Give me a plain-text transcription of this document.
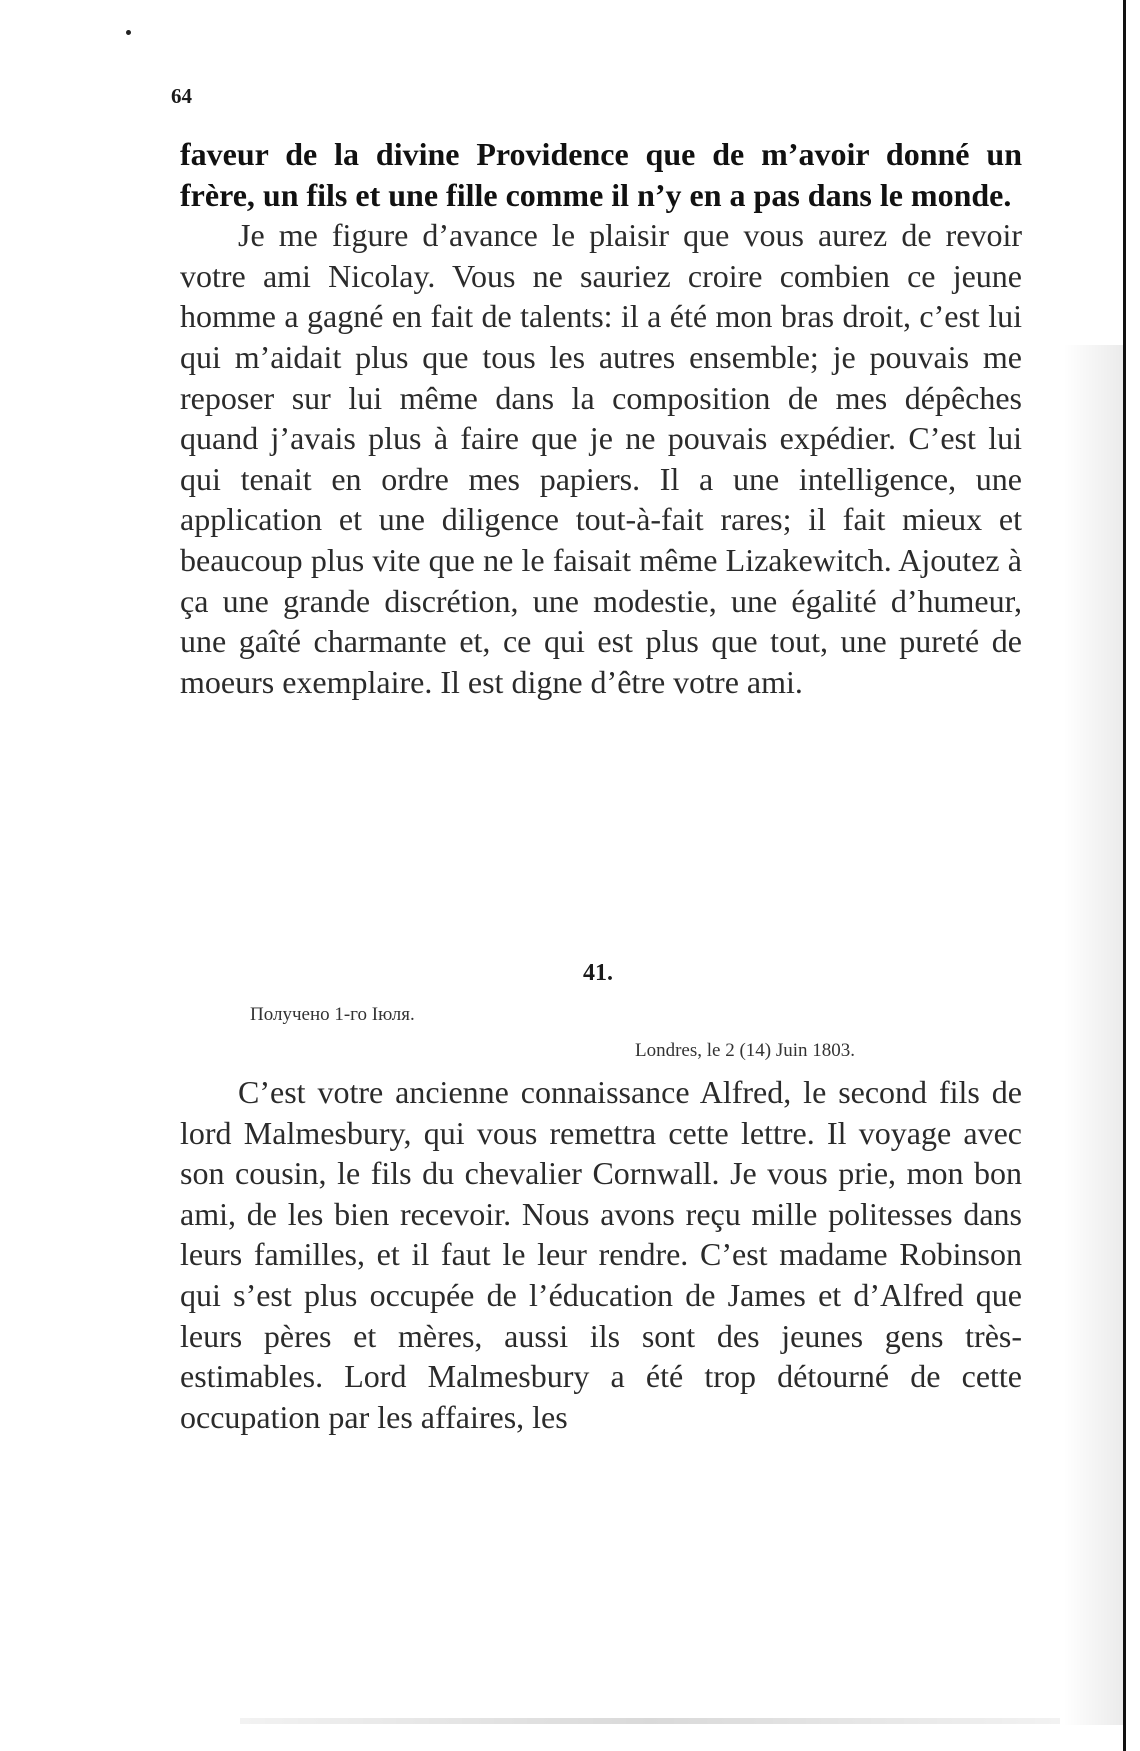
64

faveur de la divine Providence que de m’avoir donné un frère, un fils et une fille comme il n’y en a pas dans le monde.

Je me figure d’avance le plaisir que vous aurez de revoir votre ami Nicolay. Vous ne sauriez croire combien ce jeune homme a gagné en fait de talents: il a été mon bras droit, c’est lui qui m’aidait plus que tous les autres ensemble; je pouvais me reposer sur lui même dans la composition de mes dépêches quand j’avais plus à faire que je ne pouvais expédier. C’est lui qui tenait en ordre mes papiers. Il a une intelligence, une application et une diligence tout-à-fait rares; il fait mieux et beaucoup plus vite que ne le faisait même Lizakewitch. Ajoutez à ça une grande discrétion, une modestie, une égalité d’humeur, une gaîté charmante et, ce qui est plus que tout, une pureté de moeurs exemplaire. Il est digne d’être votre ami.

41.
Получено 1-го Іюля.
Londres, le 2 (14) Juin 1803.

C’est votre ancienne connaissance Alfred, le second fils de lord Malmesbury, qui vous remettra cette lettre. Il voyage avec son cousin, le fils du chevalier Cornwall. Je vous prie, mon bon ami, de les bien recevoir. Nous avons reçu mille politesses dans leurs familles, et il faut le leur rendre. C’est madame Robinson qui s’est plus occupée de l’éducation de James et d’Alfred que leurs pères et mères, aussi ils sont des jeunes gens très-estimables. Lord Malmesbury a été trop détourné de cette occupation par les affaires, les
